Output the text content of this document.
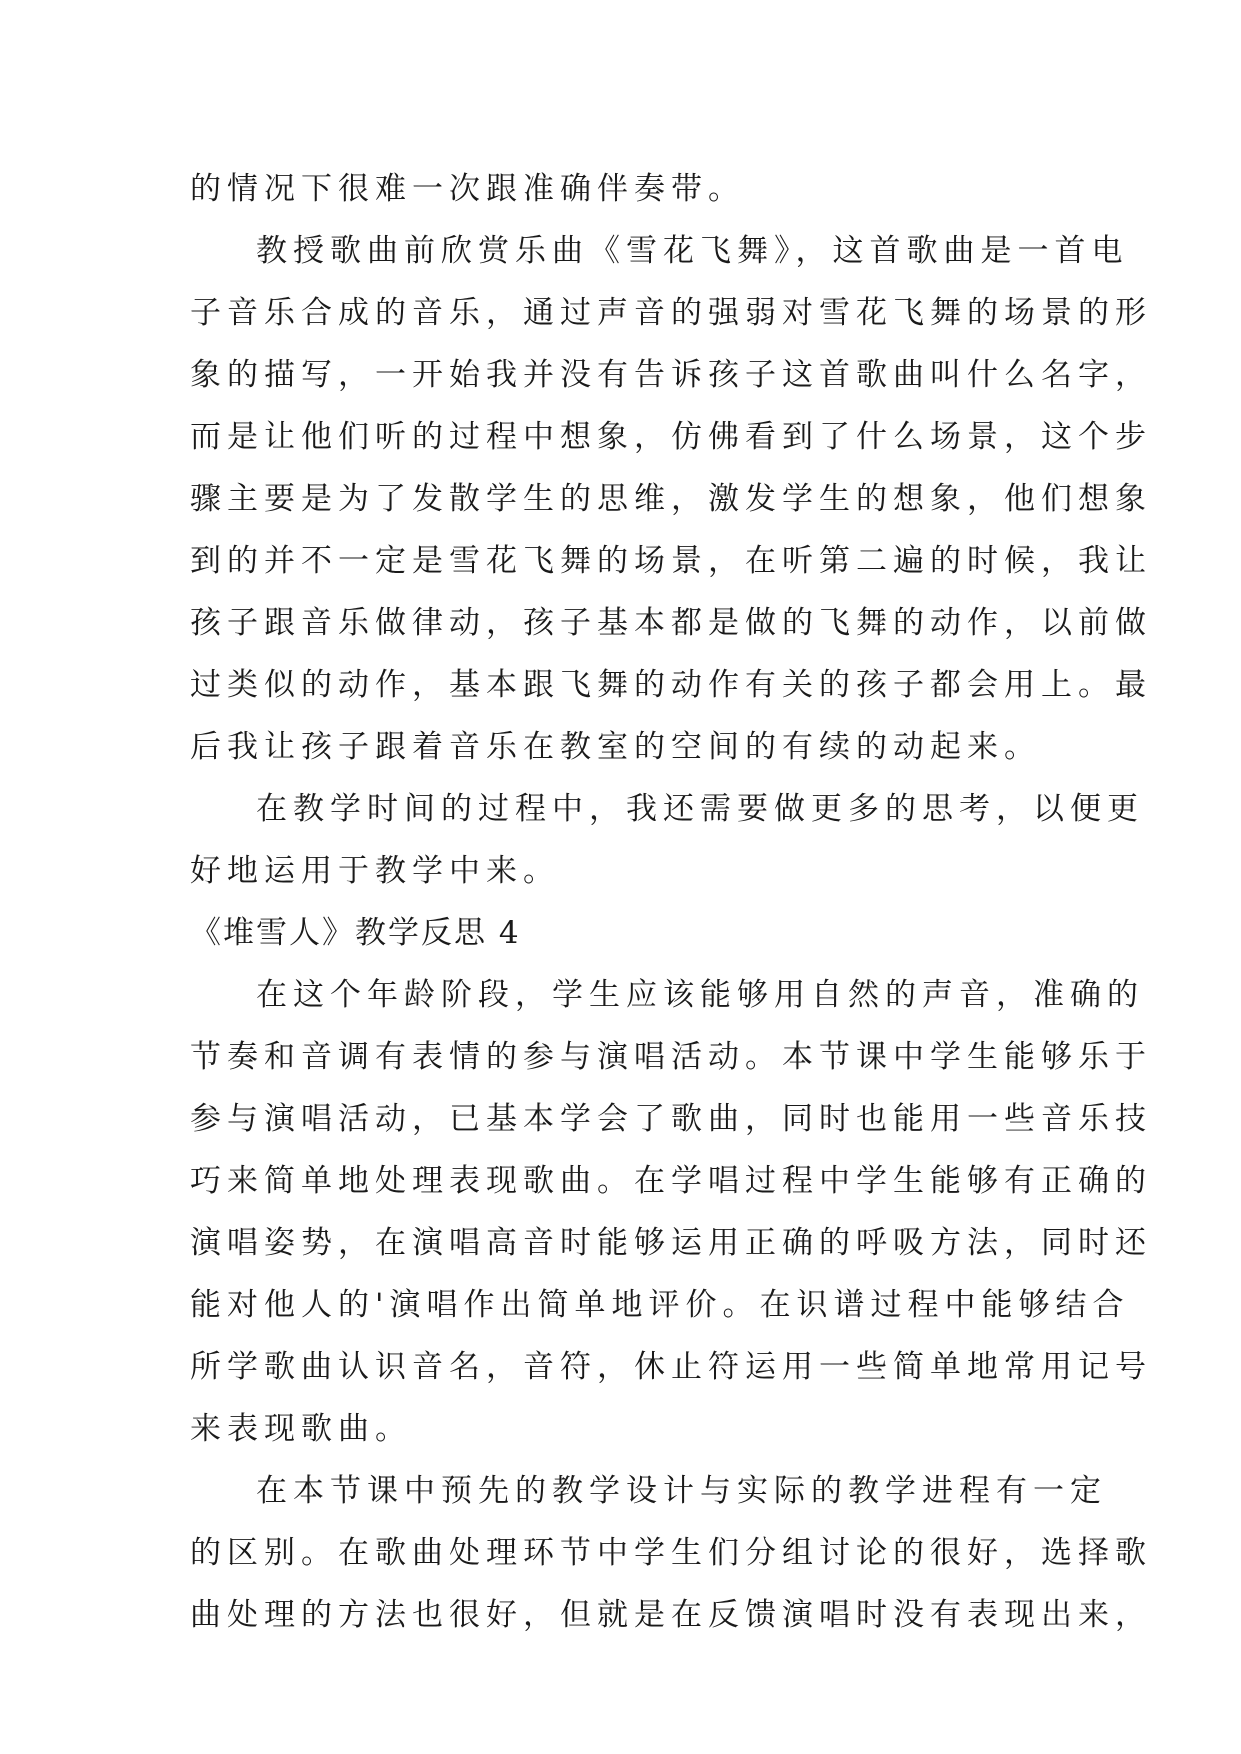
的情况下很难一次跟准确伴奏带。
教授歌曲前欣赏乐曲《雪花飞舞》，这首歌曲是一首电
子音乐合成的音乐，通过声音的强弱对雪花飞舞的场景的形
象的描写，一开始我并没有告诉孩子这首歌曲叫什么名字，
而是让他们听的过程中想象，仿佛看到了什么场景，这个步
骤主要是为了发散学生的思维，激发学生的想象，他们想象
到的并不一定是雪花飞舞的场景，在听第二遍的时候，我让
孩子跟音乐做律动，孩子基本都是做的飞舞的动作，以前做
过类似的动作，基本跟飞舞的动作有关的孩子都会用上。最
后我让孩子跟着音乐在教室的空间的有续的动起来。
在教学时间的过程中，我还需要做更多的思考，以便更
好地运用于教学中来。
《堆雪人》教学反思 4
在这个年龄阶段，学生应该能够用自然的声音，准确的
节奏和音调有表情的参与演唱活动。本节课中学生能够乐于
参与演唱活动，已基本学会了歌曲，同时也能用一些音乐技
巧来简单地处理表现歌曲。在学唱过程中学生能够有正确的
演唱姿势，在演唱高音时能够运用正确的呼吸方法，同时还
能对他人的'演唱作出简单地评价。在识谱过程中能够结合
所学歌曲认识音名，音符，休止符运用一些简单地常用记号
来表现歌曲。
在本节课中预先的教学设计与实际的教学进程有一定
的区别。在歌曲处理环节中学生们分组讨论的很好，选择歌
曲处理的方法也很好，但就是在反馈演唱时没有表现出来，
